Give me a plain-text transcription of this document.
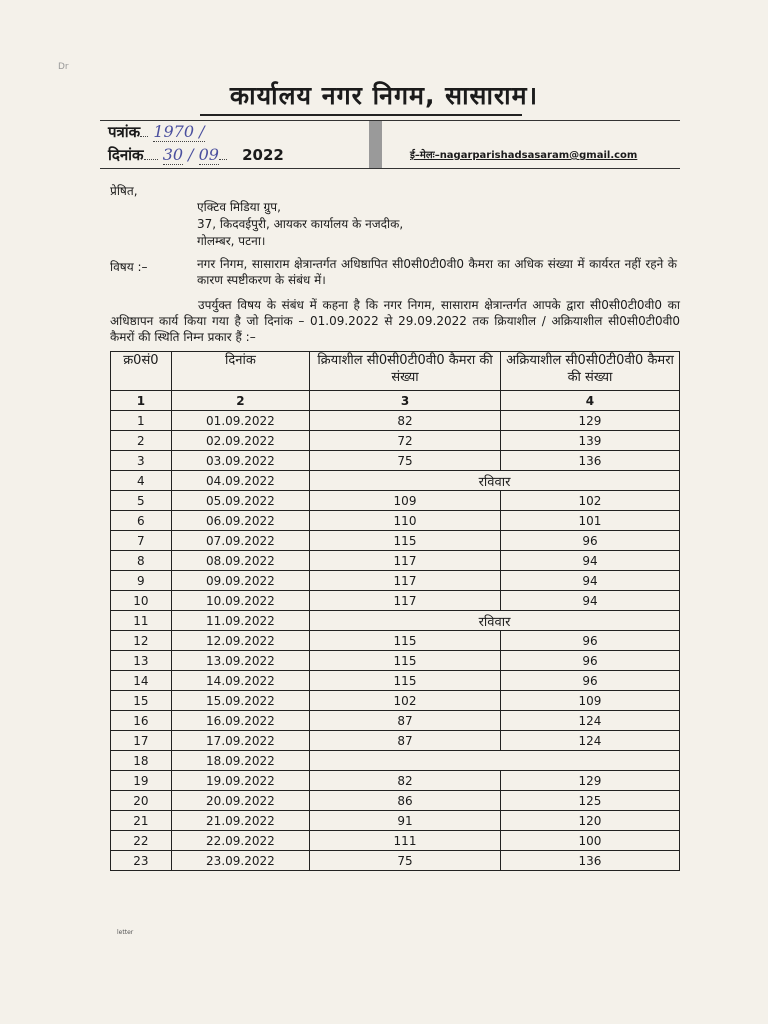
Dr
कार्यालय नगर निगम, सासाराम।
पत्रांक 1970 /
दिनांक 30 / 09 2022	ई–मेलः–nagarparishadsasaram@gmail.com
प्रेषित,
एक्टिव मिडिया ग्रुप,
37, किदवईपुरी, आयकर कार्यालय के नजदीक,
गोलम्बर, पटना।
विषय :–	नगर निगम, सासाराम क्षेत्रान्तर्गत अधिष्ठापित सी0सी0टी0वी0 कैमरा का अधिक संख्या में कार्यरत नहीं रहने के कारण स्पष्टीकरण के संबंध में।
उपर्युक्त विषय के संबंध में कहना है कि नगर निगम, सासाराम क्षेत्रान्तर्गत आपके द्वारा सी0सी0टी0वी0 का अधिष्ठापन कार्य किया गया है जो दिनांक – 01.09.2022 से 29.09.2022 तक क्रियाशील / अक्रियाशील सी0सी0टी0वी0 कैमरों की स्थिति निम्न प्रकार हैं :–
क्र0सं0	दिनांक	क्रियाशील सी0सी0टी0वी0 कैमरा की संख्या	अक्रियाशील सी0सी0टी0वी0 कैमरा की संख्या
1	2	3	4
1	01.09.2022	82	129
2	02.09.2022	72	139
3	03.09.2022	75	136
4	04.09.2022	रविवार	
5	05.09.2022	109	102
6	06.09.2022	110	101
7	07.09.2022	115	96
8	08.09.2022	117	94
9	09.09.2022	117	94
10	10.09.2022	117	94
11	11.09.2022	रविवार	
12	12.09.2022	115	96
13	13.09.2022	115	96
14	14.09.2022	115	96
15	15.09.2022	102	109
16	16.09.2022	87	124
17	17.09.2022	87	124
18	18.09.2022		
19	19.09.2022	82	129
20	20.09.2022	86	125
21	21.09.2022	91	120
22	22.09.2022	111	100
23	23.09.2022	75	136
letter
